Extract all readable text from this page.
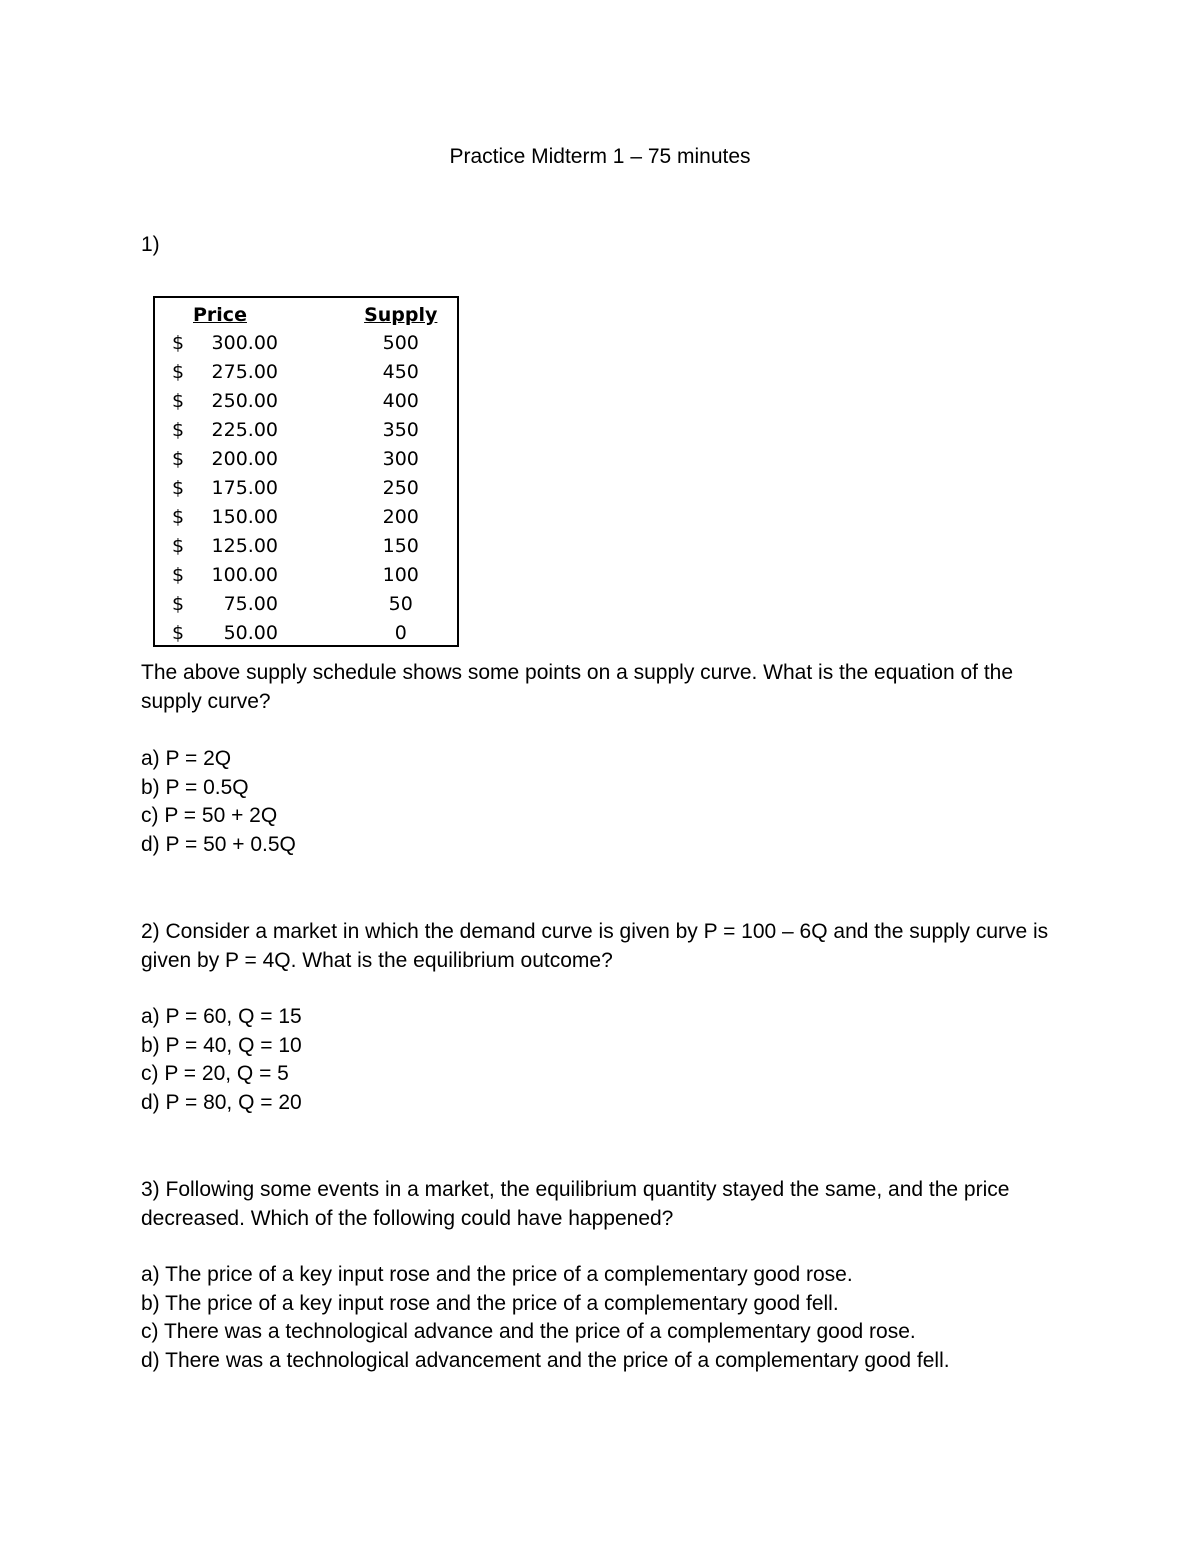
Practice Midterm 1 – 75 minutes
1)
Price	Supply
$ 300.00	500
$ 275.00	450
$ 250.00	400
$ 225.00	350
$ 200.00	300
$ 175.00	250
$ 150.00	200
$ 125.00	150
$ 100.00	100
$ 75.00	50
$ 50.00	0
The above supply schedule shows some points on a supply curve. What is the equation of the supply curve?
a) P = 2Q
b) P = 0.5Q
c) P = 50 + 2Q
d) P = 50 + 0.5Q
2) Consider a market in which the demand curve is given by P = 100 – 6Q and the supply curve is given by P = 4Q. What is the equilibrium outcome?
a) P = 60, Q = 15
b) P = 40, Q = 10
c) P = 20, Q = 5
d) P = 80, Q = 20
3) Following some events in a market, the equilibrium quantity stayed the same, and the price decreased. Which of the following could have happened?
a) The price of a key input rose and the price of a complementary good rose.
b) The price of a key input rose and the price of a complementary good fell.
c) There was a technological advance and the price of a complementary good rose.
d) There was a technological advancement and the price of a complementary good fell.
